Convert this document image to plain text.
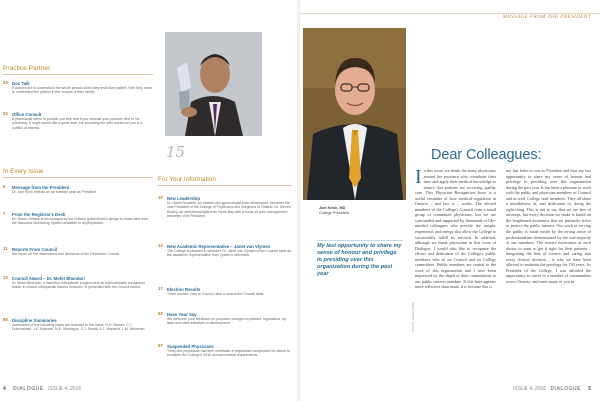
Practice Partner
53 Doc Talk
If doctors are to understand the whole person when they treat their patient, then they need to understand the patient in the context of their family.
53 Office Consult
A pharmacist offers to provide you free rent if you relocate your practice next to his pharmacy. It might sound like a great deal, but accepting the offer would put you in a conflict of interest.
15
In Every Issue
5 Message from the President
Dr. Joel Kirsh reflects on an eventful year as President.
7 From the Registrar's Desk
Dr. Rocco Gerace is encouraged by the Ontario government's pledge to make data from the Narcotics Monitoring System available to all physicians.
11 Reports From Council
We report on the discussions and decisions of the December Council.
13 Council Award – Dr. Mohit Bhandari
Dr. Mohit Bhandari, a Hamilton orthopaedic surgeon and an internationally recognized leader in clinical orthopaedic trauma research, is presented with the Council Award.
58 Discipline Summaries
Summaries of the following cases are included in this issue: R.H. Barnes, C.T. Dubrowinski, J.E. Edmond, M.E. Montague, S.J. Shanti, A.T. Wapshot, L.M. Weinman.
For Your Information
10 New Leadership
Dr. David Rouselle, an obstetrician-gynecologist from Newmarket, becomes the new President of the College of Physicians and Surgeons of Ontario. Dr. Steven Bodley, an anesthesiologist from North Bay with a focus on pain management, becomes Vice-President.
14 New Academic Representative – Janet van Vlymen
The College is pleased to welcome Dr. Janet van Vlymen to the Council table as the academic representative from Queen's University.
17 Election Results
Three doctors, new to Council, take a seat at the Council table.
52 Have Your Say
We welcome your feedback on proposed changes to policies, regulations, by-laws and other initiatives in development.
57 Suspended Physicians
Thirty-two physicians had their certificate of registration suspended for failure to complete the College's 2016 annual renewal requirements.
4 DIALOGUE ISSUE 4, 2016
MESSAGE FROM THE PRESIDENT
Joel Kirsh, MD
College President
My last opportunity to share my sense of honour and privilege in presiding over this organization during the past year
PHOTO: GREG KING
Dear Colleagues:
In this issue, we thank the many physicians around the province who contribute their time and apply their medical knowledge to ensure that patients are receiving quality care. This Physician Recognition Issue is a useful reminder of how medical regulation in Ontario – and law is – works. The elected members of the College's Council form a small group of committed physicians, but we are surrounded and supported by thousands of like-minded colleagues who provide the insight, experience, and energy that allow the College to successfully fulfill its mission. In addition, although we thank physicians in this issue of Dialogue, I would also like to recognize the efforts and dedication of the College's public members who sit on Council and on College committees. Public members are central to the work of this organization and I have been impressed by the depth of their commitment to our public interest mandate. If this later appears more reflective than usual, it is because this is
my last letter to you as President and thus my last opportunity to share my sense of honour and privilege in presiding over this organization during the past year. It has been a pleasure to work with the public and physician members of Council and as well, College staff members. They all share a mindfulness of, and dedication to, doing the right thing. This is not to say that we are free of missteps, but every decision we make is based on the heightened awareness that we primarily strive to protect the public interest. Our work in serving the public is made easier by the strong sense of professionalism demonstrated by the vast majority of our members. The sincere motivation of each doctor to want to get it right for their patients – integrating the best of science and caring into every clinical decision – is why we have been allowed to maintain the privilege for 150 years. As President of the College, I was afforded the opportunity to travel to a number of communities across Ontario, and meet many of you in
ISSUE 4, 2016 DIALOGUE 5
